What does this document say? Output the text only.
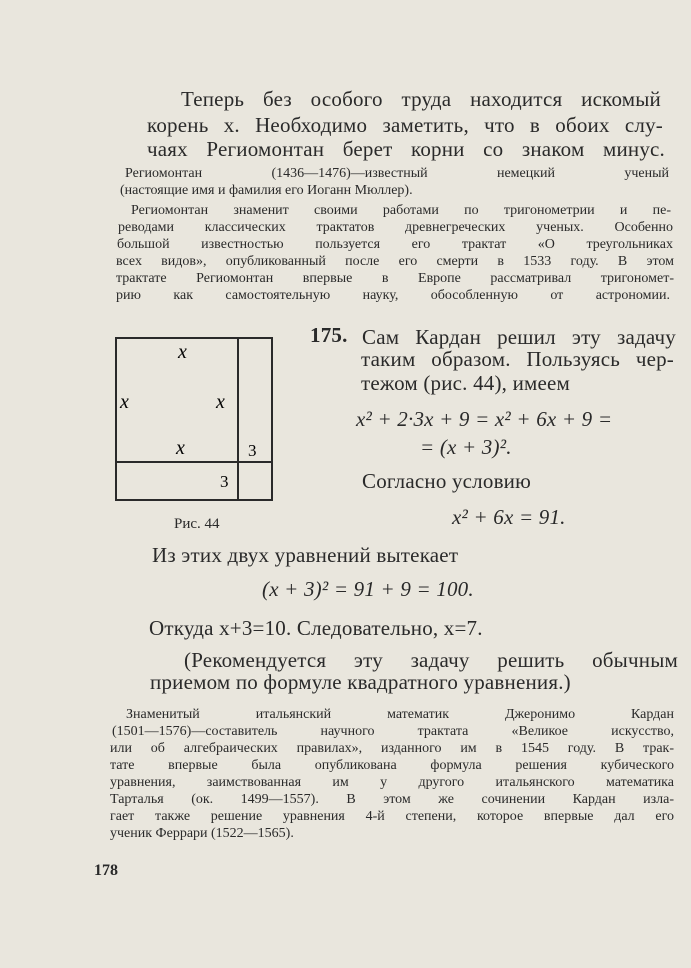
Теперь без особого труда находится искомый
корень x. Необходимо заметить, что в обоих слу-
чаях Региомонтан берет корни со знаком минус.
Региомонтан (1436—1476)—известный немецкий ученый
(настоящие имя и фамилия его Иоганн Мюллер).
Региомонтан знаменит своими работами по тригонометрии и пе-
реводами классических трактатов древнегреческих ученых. Особенно
большой известностью пользуется его трактат «О треугольниках
всех видов», опубликованный после его смерти в 1533 году. В этом
трактате Региомонтан впервые в Европе рассматривал тригономет-
рию как самостоятельную науку, обособленную от астрономии.
x
x	x
x	3
3
Рис. 44
175. Сам Кардан решил эту задачу
таким образом. Пользуясь чер-
тежом (рис. 44), имеем
x² + 2·3x + 9 = x² + 6x + 9 =
= (x + 3)².
Согласно условию
x² + 6x = 91.
Из этих двух уравнений вытекает
(x + 3)² = 91 + 9 = 100.
Откуда x+3=10. Следовательно, x=7.
(Рекомендуется эту задачу решить обычным
приемом по формуле квадратного уравнения.)
Знаменитый итальянский математик Джеронимо Кардан
(1501—1576)—составитель научного трактата «Великое искусство,
или об алгебраических правилах», изданного им в 1545 году. В трак-
тате впервые была опубликована формула решения кубического
уравнения, заимствованная им у другого итальянского математика
Тарталья (ок. 1499—1557). В этом же сочинении Кардан изла-
гает также решение уравнения 4-й степени, которое впервые дал его
ученик Феррари (1522—1565).
178
